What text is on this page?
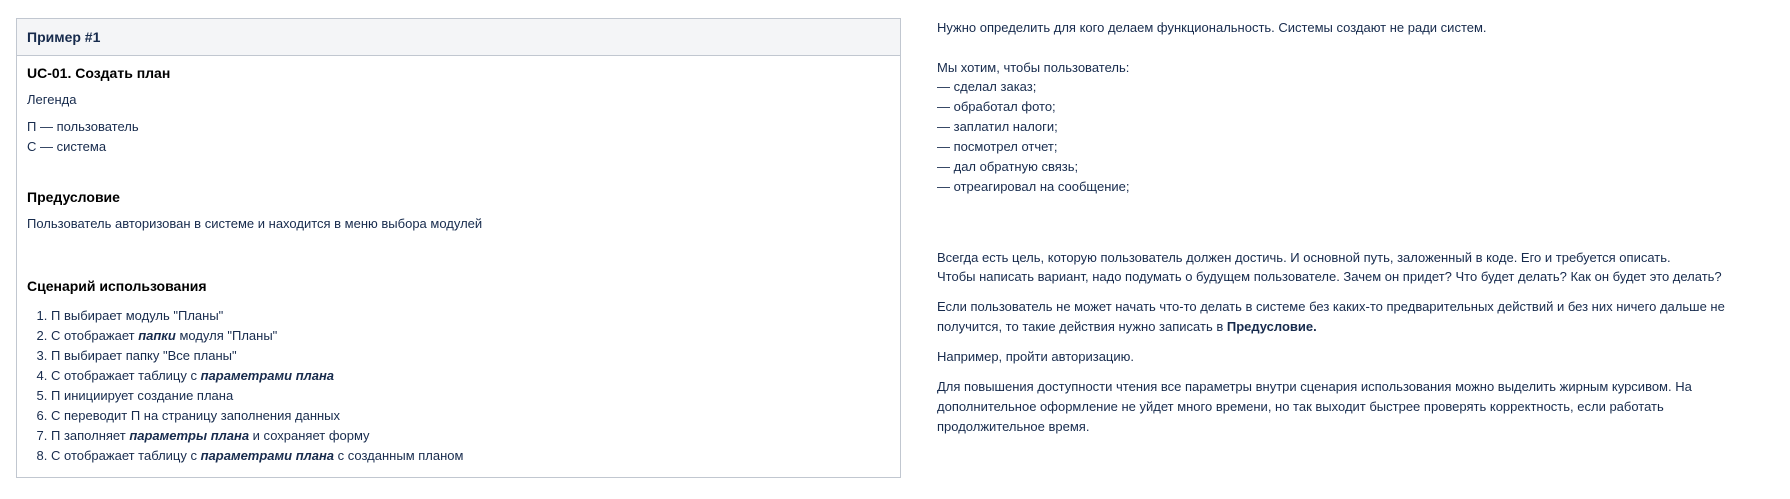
Пример #1
UC-01. Создать план
Легенда
П — пользователь
С — система
Предусловие
Пользователь авторизован в системе и находится в меню выбора модулей
Сценарий использования
1. П выбирает модуль "Планы"
2. С отображает папки модуля "Планы"
3. П выбирает папку "Все планы"
4. С отображает таблицу с параметрами плана
5. П инициирует создание плана
6. С переводит П на страницу заполнения данных
7. П заполняет параметры плана и сохраняет форму
8. С отображает таблицу с параметрами плана с созданным планом
Нужно определить для кого делаем функциональность. Системы создают не ради систем.
Мы хотим, чтобы пользователь:
— сделал заказ;
— обработал фото;
— заплатил налоги;
— посмотрел отчет;
— дал обратную связь;
— отреагировал на сообщение;
Всегда есть цель, которую пользователь должен достичь. И основной путь, заложенный в коде. Его и требуется описать.
Чтобы написать вариант, надо подумать о будущем пользователе. Зачем он придет? Что будет делать? Как он будет это делать?
Если пользователь не может начать что-то делать в системе без каких-то предварительных действий и без них ничего дальше не
получится, то такие действия нужно записать в Предусловие.
Например, пройти авторизацию.
Для повышения доступности чтения все параметры внутри сценария использования можно выделить жирным курсивом. На
дополнительное оформление не уйдет много времени, но так выходит быстрее проверять корректность, если работать
продолжительное время.
